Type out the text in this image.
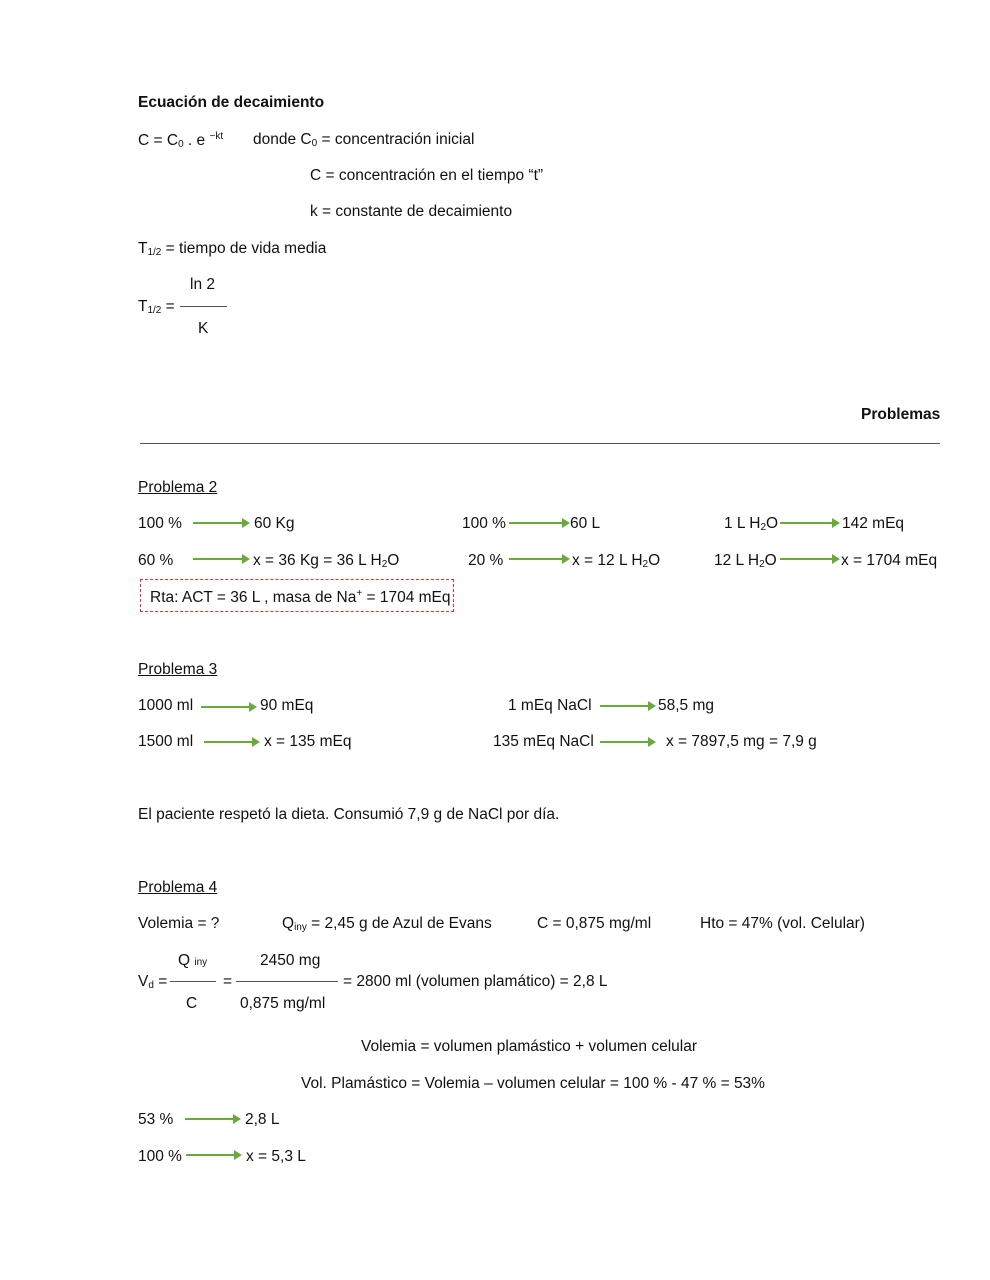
Ecuación de decaimiento
$C = C_0$ . e $^{-kt}$ donde $C_0$ = concentración inicial
C = concentración en el tiempo “t”
k = constante de decaimiento
$T_{1/2}$ = tiempo de vida media
ln 2
$T_{1/2}$ =
K
Problemas
Problema 2
100 %	60 Kg	100 %	60 L	1 L $H_2O$	142 mEq
60 %	x = 36 Kg = 36 L $H_2O$	20 %	x = 12 L $H_2O$	12 L $H_2O$	x = 1704 mEq
Rta: ACT = 36 L , masa de Na+ = 1704 mEq
Problema 3
1000 ml	90 mEq	1 mEq NaCl	58,5 mg
1500 ml	x = 135 mEq	135 mEq NaCl	x = 7897,5 mg = 7,9 g
El paciente respetó la dieta. Consumió 7,9 g de NaCl por día.
Problema 4
Volemia = ?	$Q_{iny} = 2,45$ g de Azul de Evans	C = 0,875 mg/ml	Hto = 47% (vol. Celular)
Q iny	2450 mg
$V_d$ =	=	= 2800 ml (volumen plamático) = 2,8 L
C	0,875 mg/ml
Volemia = volumen plamástico + volumen celular
Vol. Plamástico = Volemia – volumen celular = 100 % - 47 % = 53%
53 %	2,8 L
100 %	x = 5,3 L
